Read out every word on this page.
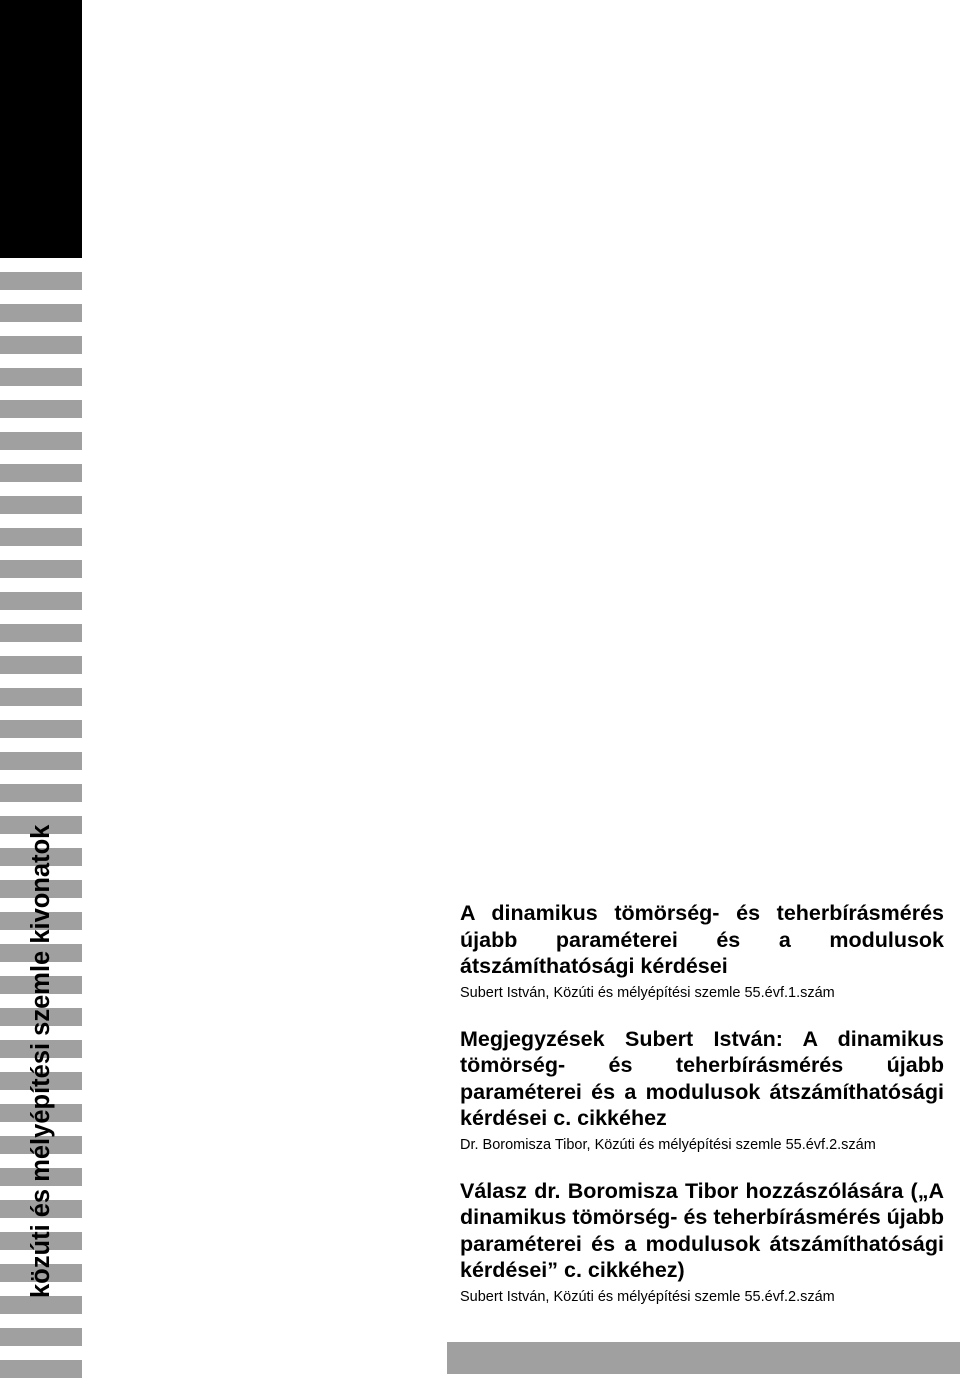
közúti és mélyépítési szemle kivonatok	A dinamikus tömörség- és teherbírásmérés újabb paraméterei és a modulusok átszámíthatósági kérdései

Subert István, Közúti és mélyépítési szemle 55.évf.1.szám

Megjegyzések Subert István: A dinamikus tömörség- és teherbírásmérés újabb paraméterei és a modulusok átszámíthatósági kérdései c. cikkéhez

Dr. Boromisza Tibor, Közúti és mélyépítési szemle 55.évf.2.szám

Válasz dr. Boromisza Tibor hozzászólására („A dinamikus tömörség- és teherbírásmérés újabb paraméterei és a modulusok átszámíthatósági kérdései” c. cikkéhez)

Subert István, Közúti és mélyépítési szemle 55.évf.2.szám
